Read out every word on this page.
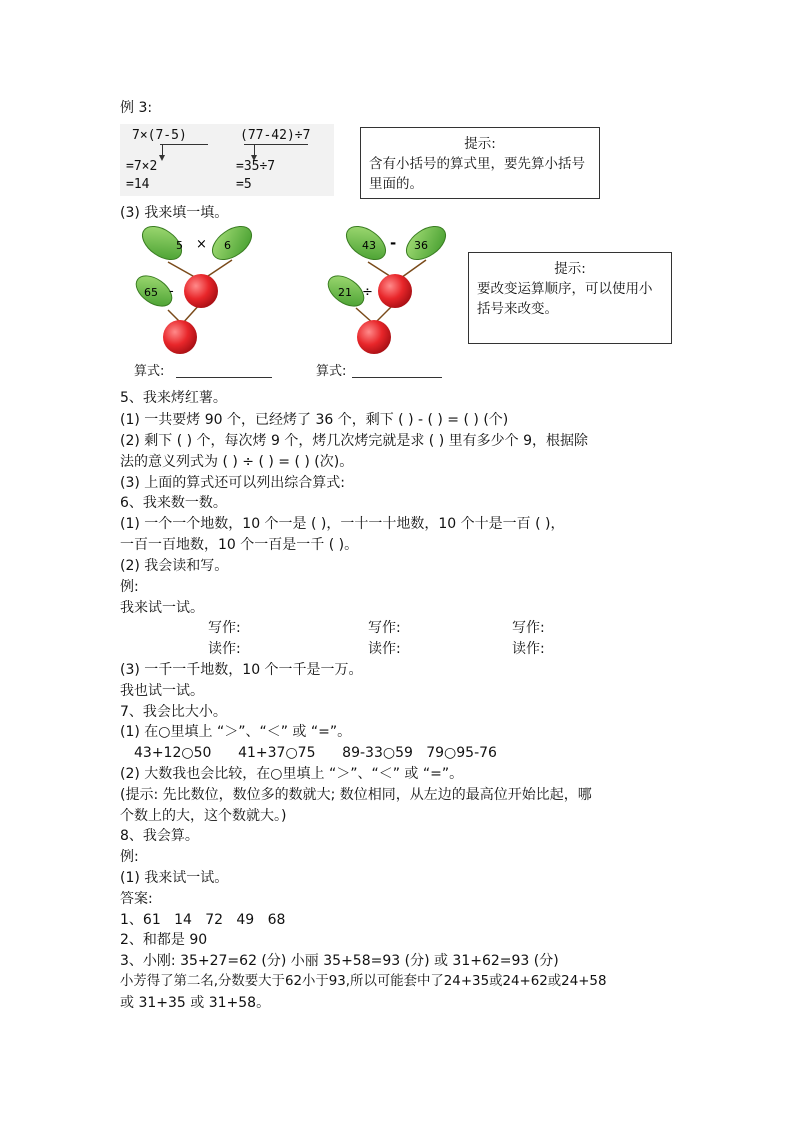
例 3:
7×(7-5)
=7×2
=14
(77-42)÷7
=35÷7
=5
提示:
含有小括号的算式里，要先算小括号里面的。
(3) 我来填一填。
5 × 6
65 -
43 - 36
21 ÷
提示:
要改变运算顺序，可以使用小括号来改变。
算式:	算式:
5、我来烤红薯。
(1) 一共要烤 90 个，已经烤了 36 个，剩下 ( ) - ( ) = ( ) (个)
(2) 剩下 ( ) 个，每次烤 9 个，烤几次烤完就是求 ( ) 里有多少个 9，根据除
法的意义列式为 ( ) ÷ ( ) = ( ) (次)。
(3) 上面的算式还可以列出综合算式:
6、我来数一数。
(1) 一个一个地数，10 个一是 ( )，一十一十地数，10 个十是一百 ( )，
一百一百地数，10 个一百是一千 ( )。
(2) 我会读和写。
例:
我来试一试。
写作:	写作:	写作:
读作:	读作:	读作:
(3) 一千一千地数，10 个一千是一万。
我也试一试。
7、我会比大小。
(1) 在○里填上 “＞”、“＜” 或 “=”。
43+12○50      41+37○75      89-33○59   79○95-76
(2) 大数我也会比较，在○里填上 “＞”、“＜” 或 “=”。
(提示: 先比数位，数位多的数就大; 数位相同，从左边的最高位开始比起，哪
个数上的大，这个数就大。)
8、我会算。
例:
(1) 我来试一试。
答案:
1、61   14   72   49   68
2、和都是 90
3、小刚: 35+27=62 (分) 小丽 35+58=93 (分) 或 31+62=93 (分)
小芳得了第二名,分数要大于62小于93,所以可能套中了24+35或24+62或24+58
或 31+35 或 31+58。
